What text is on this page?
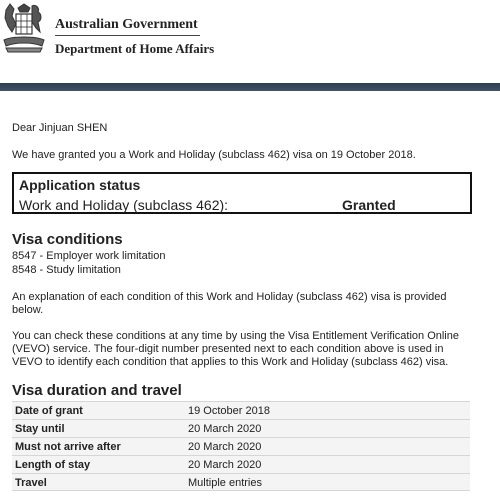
Australian Government
Department of Home Affairs
Dear Jinjuan SHEN
We have granted you a Work and Holiday (subclass 462) visa on 19 October 2018.
Application status
Work and Holiday (subclass 462):	Granted
Visa conditions
8547 - Employer work limitation
8548 - Study limitation
An explanation of each condition of this Work and Holiday (subclass 462) visa is provided
below.
You can check these conditions at any time by using the Visa Entitlement Verification Online
(VEVO) service. The four-digit number presented next to each condition above is used in
VEVO to identify each condition that applies to this Work and Holiday (subclass 462) visa.
Visa duration and travel
Date of grant	19 October 2018
Stay until	20 March 2020
Must not arrive after	20 March 2020
Length of stay	20 March 2020
Travel	Multiple entries
